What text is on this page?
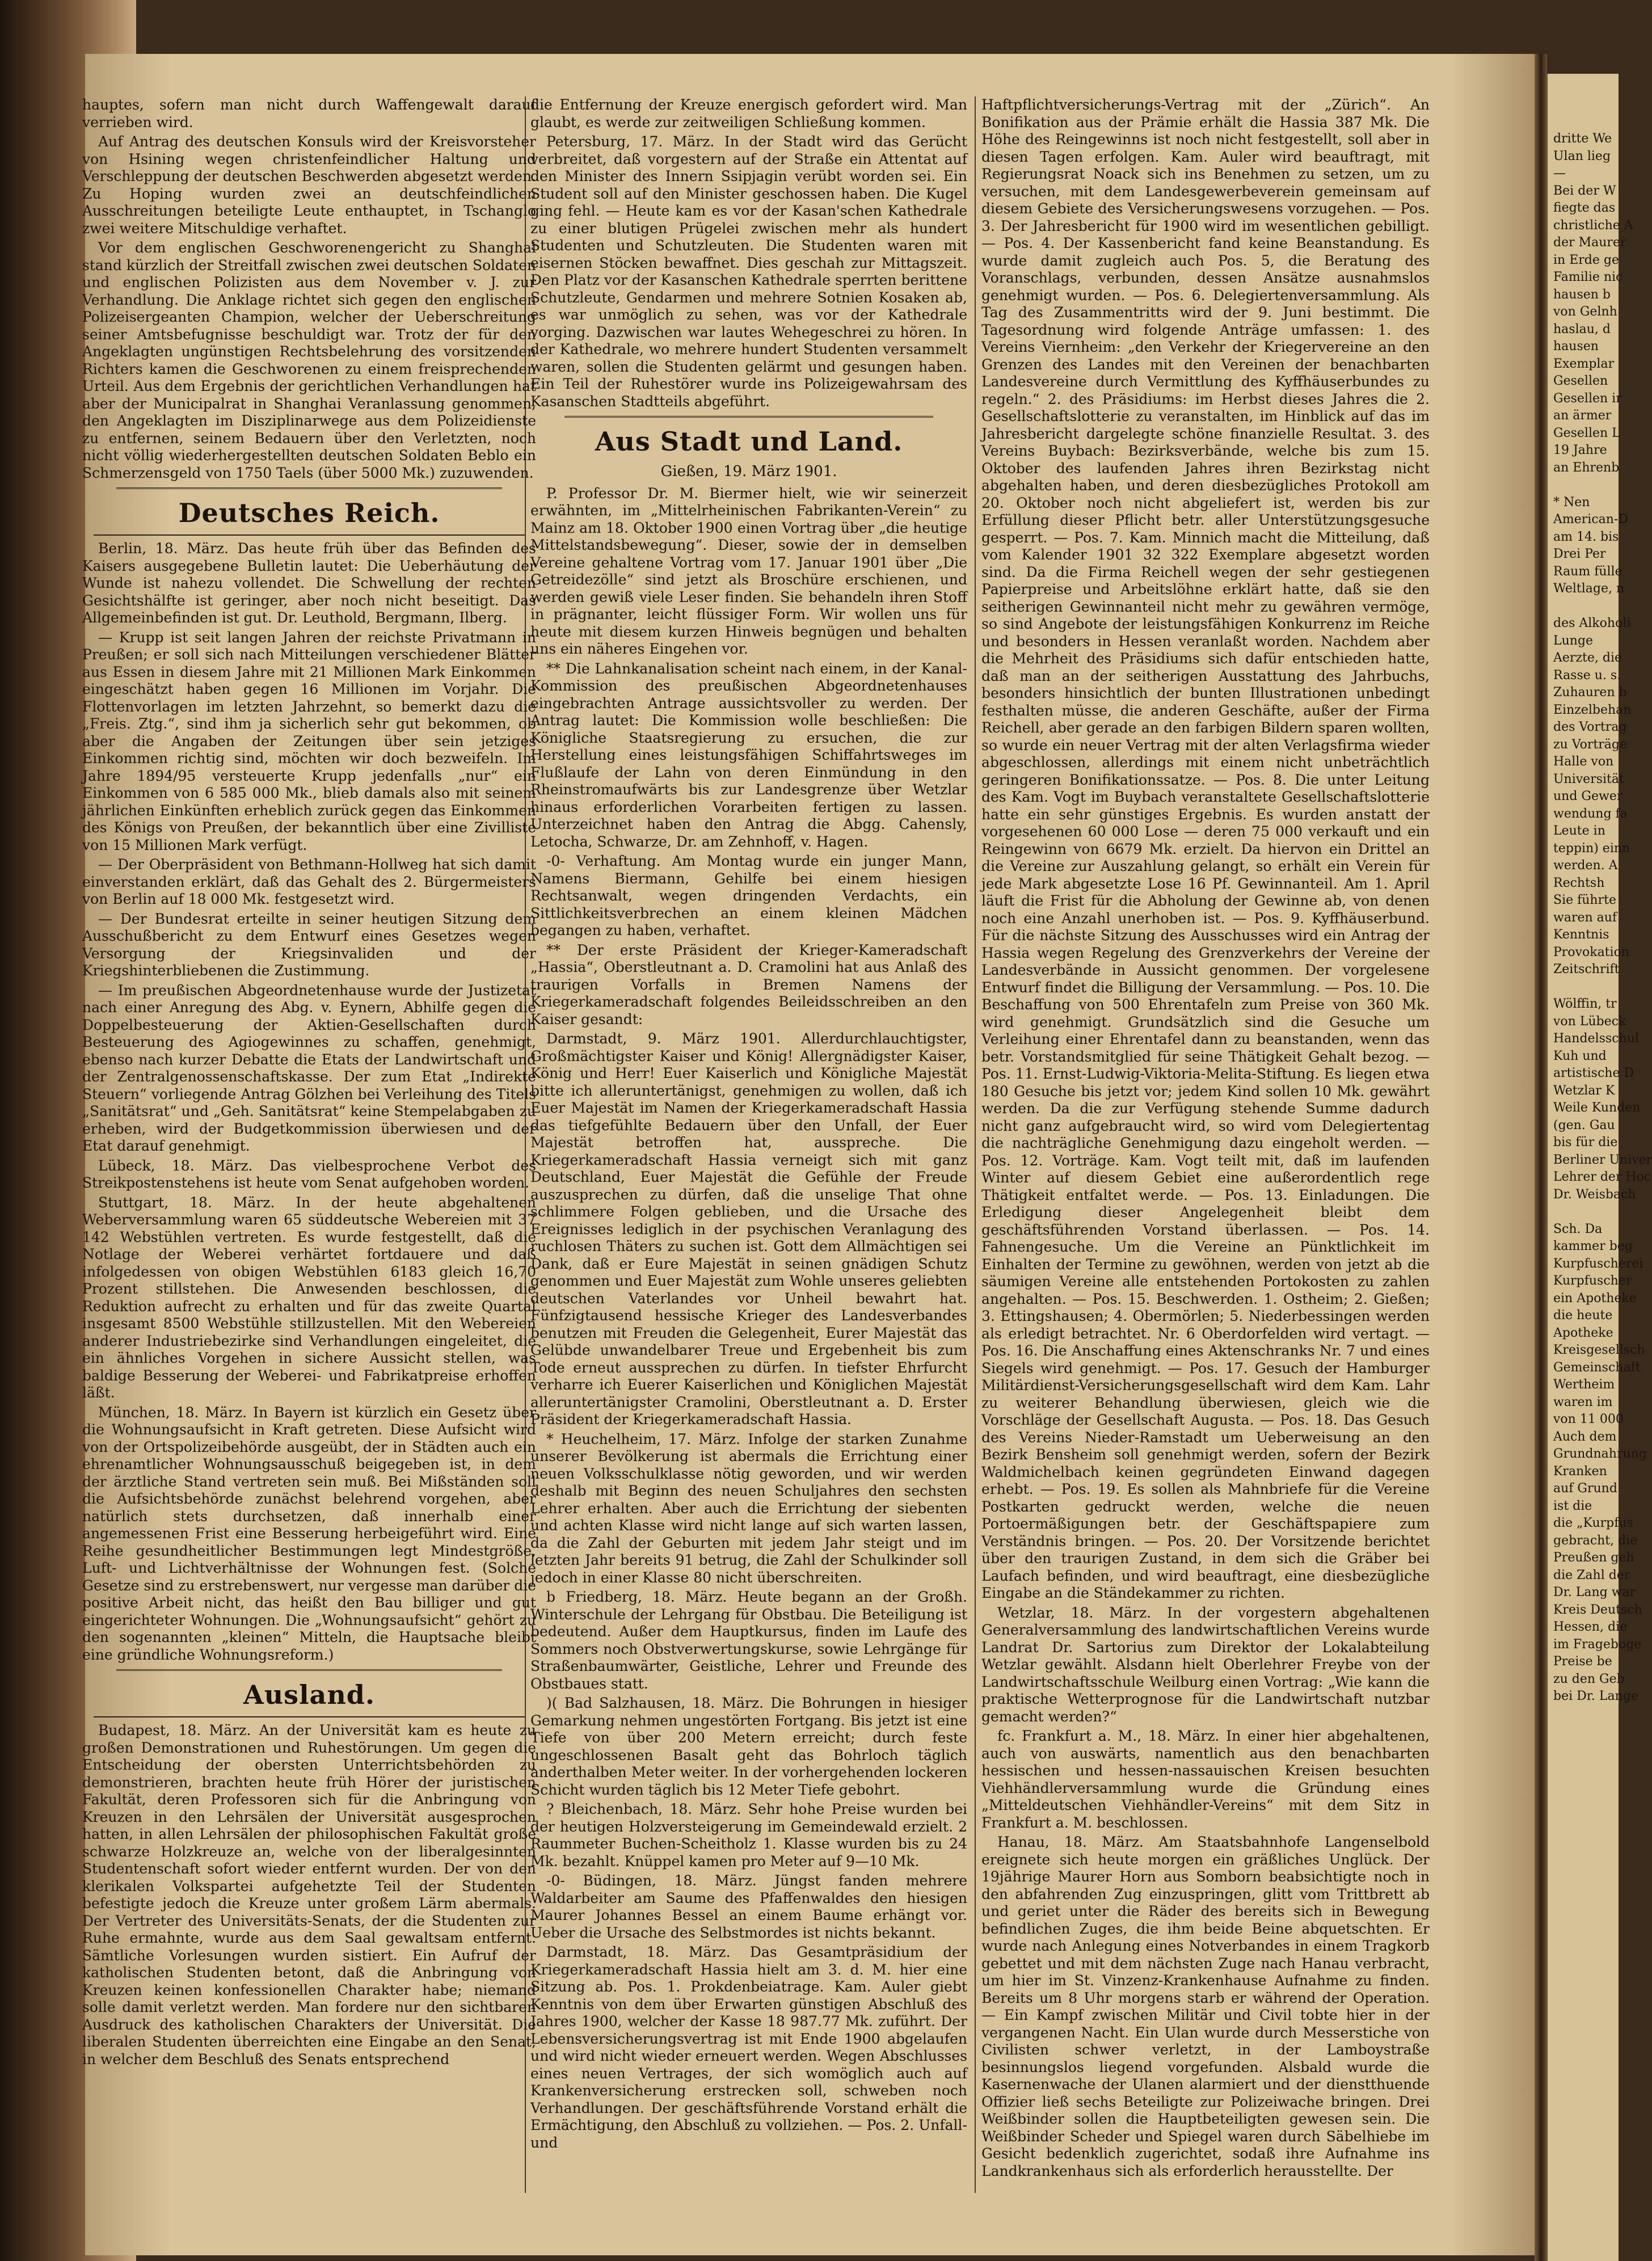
dritte We
Ulan lieg
—
Bei der W
fiegte das
christliche A
der Maurer
in Erde ge
Familie nic
hausen b
von Gelnh
haslau, d
hausen
Exemplar
Gesellen
Gesellen ir
an ärmer
Gesellen L
19 Jahre
an Ehrenb

* Nen
American-D
am 14. bis
Drei Per
Raum fülle
Weltlage, n

des Alkoholi
Lunge
Aerzte, die
Rasse u. s.
Zuhauren b
Einzelbehan
des Vortrag
zu Vorträge
Halle von
Universität
und Gewer
wendung fa
Leute in
teppin) einn
werden. A
Rechtsh
Sie führte
waren auf
Kenntnis
Provokation
Zeitschrift

Wölffin, tr
von Lübeck
Handelsschul
Kuh und
artistische D
Wetzlar K
Weile Kunden
(gen. Gau
bis für die
Berliner Univer
Lehrer der Hoc
Dr. Weisbach

Sch. Da
kammer beg
Kurpfuscherei
Kurpfuscher
ein Apotheke
die heute
Apotheke
Kreisgesellsch
Gemeinschaft
Wertheim
waren im
von 11 000
Auch dem
Grundnahrung
Kranken
auf Grund
ist die
die „Kurpfus
gebracht, die
Preußen geh
die Zahl der
Dr. Lang war
Kreis Deutsch
Hessen, die
im Frageboge
Preise be
zu den Geb
bei Dr. Lange

hauptes, sofern man nicht durch Waffengewalt darauf verrieben wird.

Auf Antrag des deutschen Konsuls wird der Kreisvorsteher von Hsining wegen christenfeindlicher Haltung und Verschleppung der deutschen Beschwerden abgesetzt werden. Zu Hoping wurden zwei an deutschfeindlichen Ausschreitungen beteiligte Leute enthauptet, in Tschanglo zwei weitere Mitschuldige verhaftet.

Vor dem englischen Geschworenengericht zu Shanghai stand kürzlich der Streitfall zwischen zwei deutschen Soldaten und englischen Polizisten aus dem November v. J. zur Verhandlung. Die Anklage richtet sich gegen den englischen Polizeisergeanten Champion, welcher der Ueberschreitung seiner Amtsbefugnisse beschuldigt war. Trotz der für den Angeklagten ungünstigen Rechtsbelehrung des vorsitzenden Richters kamen die Geschworenen zu einem freisprechenden Urteil. Aus dem Ergebnis der gerichtlichen Verhandlungen hat aber der Municipalrat in Shanghai Veranlassung genommen, den Angeklagten im Disziplinarwege aus dem Polizeidienste zu entfernen, seinem Bedauern über den Verletzten, noch nicht völlig wiederhergestellten deutschen Soldaten Beblo ein Schmerzensgeld von 1750 Taels (über 5000 Mk.) zuzuwenden.

Deutsches Reich.

Berlin, 18. März. Das heute früh über das Befinden des Kaisers ausgegebene Bulletin lautet: Die Ueberhäutung der Wunde ist nahezu vollendet. Die Schwellung der rechten Gesichtshälfte ist geringer, aber noch nicht beseitigt. Das Allgemeinbefinden ist gut. Dr. Leuthold, Bergmann, Ilberg.

— Krupp ist seit langen Jahren der reichste Privatmann in Preußen; er soll sich nach Mitteilungen verschiedener Blätter aus Essen in diesem Jahre mit 21 Millionen Mark Einkommen eingeschätzt haben gegen 16 Millionen im Vorjahr. Die Flottenvorlagen im letzten Jahrzehnt, so bemerkt dazu die „Freis. Ztg.“, sind ihm ja sicherlich sehr gut bekommen, ob aber die Angaben der Zeitungen über sein jetziges Einkommen richtig sind, möchten wir doch bezweifeln. Im Jahre 1894/95 versteuerte Krupp jedenfalls „nur“ ein Einkommen von 6 585 000 Mk., blieb damals also mit seinem jährlichen Einkünften erheblich zurück gegen das Einkommen des Königs von Preußen, der bekanntlich über eine Zivilliste von 15 Millionen Mark verfügt.

— Der Oberpräsident von Bethmann-Hollweg hat sich damit einverstanden erklärt, daß das Gehalt des 2. Bürgermeisters von Berlin auf 18 000 Mk. festgesetzt wird.

— Der Bundesrat erteilte in seiner heutigen Sitzung dem Ausschußbericht zu dem Entwurf eines Gesetzes wegen Versorgung der Kriegsinvaliden und der Kriegshinterbliebenen die Zustimmung.

— Im preußischen Abgeordnetenhause wurde der Justizetat nach einer Anregung des Abg. v. Eynern, Abhilfe gegen die Doppelbesteuerung der Aktien-Gesellschaften durch Besteuerung des Agiogewinnes zu schaffen, genehmigt, ebenso nach kurzer Debatte die Etats der Landwirtschaft und der Zentralgenossenschaftskasse. Der zum Etat „Indirekte Steuern“ vorliegende Antrag Gölzhen bei Verleihung des Titels „Sanitätsrat“ und „Geh. Sanitätsrat“ keine Stempelabgaben zu erheben, wird der Budgetkommission überwiesen und der Etat darauf genehmigt.

Lübeck, 18. März. Das vielbesprochene Verbot des Streikpostenstehens ist heute vom Senat aufgehoben worden.

Stuttgart, 18. März. In der heute abgehaltenen Weberversammlung waren 65 süddeutsche Webereien mit 37 142 Webstühlen vertreten. Es wurde festgestellt, daß die Notlage der Weberei verhärtet fortdauere und daß infolgedessen von obigen Webstühlen 6183 gleich 16,70 Prozent stillstehen. Die Anwesenden beschlossen, die Reduktion aufrecht zu erhalten und für das zweite Quartal insgesamt 8500 Webstühle stillzustellen. Mit den Webereien anderer Industriebezirke sind Verhandlungen eingeleitet, die ein ähnliches Vorgehen in sichere Aussicht stellen, was baldige Besserung der Weberei- und Fabrikatpreise erhoffen läßt.

München, 18. März. In Bayern ist kürzlich ein Gesetz über die Wohnungsaufsicht in Kraft getreten. Diese Aufsicht wird von der Ortspolizeibehörde ausgeübt, der in Städten auch ein ehrenamtlicher Wohnungsausschuß beigegeben ist, in dem der ärztliche Stand vertreten sein muß. Bei Mißständen soll die Aufsichtsbehörde zunächst belehrend vorgehen, aber natürlich stets durchsetzen, daß innerhalb einer angemessenen Frist eine Besserung herbeigeführt wird. Eine Reihe gesundheitlicher Bestimmungen legt Mindestgröße, Luft- und Lichtverhältnisse der Wohnungen fest. (Solche Gesetze sind zu erstrebenswert, nur vergesse man darüber die positive Arbeit nicht, das heißt den Bau billiger und gut eingerichteter Wohnungen. Die „Wohnungsaufsicht“ gehört zu den sogenannten „kleinen“ Mitteln, die Hauptsache bleibt eine gründliche Wohnungsreform.)

Ausland.

Budapest, 18. März. An der Universität kam es heute zu großen Demonstrationen und Ruhestörungen. Um gegen die Entscheidung der obersten Unterrichtsbehörden zu demonstrieren, brachten heute früh Hörer der juristischen Fakultät, deren Professoren sich für die Anbringung von Kreuzen in den Lehrsälen der Universität ausgesprochen hatten, in allen Lehrsälen der philosophischen Fakultät große schwarze Holzkreuze an, welche von der liberalgesinnten Studentenschaft sofort wieder entfernt wurden. Der von den klerikalen Volkspartei aufgehetzte Teil der Studenten befestigte jedoch die Kreuze unter großem Lärm abermals. Der Vertreter des Universitäts-Senats, der die Studenten zur Ruhe ermahnte, wurde aus dem Saal gewaltsam entfernt. Sämtliche Vorlesungen wurden sistiert. Ein Aufruf der katholischen Studenten betont, daß die Anbringung von Kreuzen keinen konfessionellen Charakter habe; niemand solle damit verletzt werden. Man fordere nur den sichtbaren Ausdruck des katholischen Charakters der Universität. Die liberalen Studenten überreichten eine Eingabe an den Senat, in welcher dem Beschluß des Senats entsprechend

die Entfernung der Kreuze energisch gefordert wird. Man glaubt, es werde zur zeitweiligen Schließung kommen.

Petersburg, 17. März. In der Stadt wird das Gerücht verbreitet, daß vorgestern auf der Straße ein Attentat auf den Minister des Innern Ssipjagin verübt worden sei. Ein Student soll auf den Minister geschossen haben. Die Kugel ging fehl. — Heute kam es vor der Kasan'schen Kathedrale zu einer blutigen Prügelei zwischen mehr als hundert Studenten und Schutzleuten. Die Studenten waren mit eisernen Stöcken bewaffnet. Dies geschah zur Mittagszeit. Den Platz vor der Kasanschen Kathedrale sperrten berittene Schutzleute, Gendarmen und mehrere Sotnien Kosaken ab, es war unmöglich zu sehen, was vor der Kathedrale vorging. Dazwischen war lautes Wehegeschrei zu hören. In der Kathedrale, wo mehrere hundert Studenten versammelt waren, sollen die Studenten gelärmt und gesungen haben. Ein Teil der Ruhestörer wurde ins Polizeigewahrsam des Kasanschen Stadtteils abgeführt.

Aus Stadt und Land.
Gießen, 19. März 1901.

P. Professor Dr. M. Biermer hielt, wie wir seinerzeit erwähnten, im „Mittelrheinischen Fabrikanten-Verein“ zu Mainz am 18. Oktober 1900 einen Vortrag über „die heutige Mittelstandsbewegung“. Dieser, sowie der in demselben Vereine gehaltene Vortrag vom 17. Januar 1901 über „Die Getreidezölle“ sind jetzt als Broschüre erschienen, und werden gewiß viele Leser finden. Sie behandeln ihren Stoff in prägnanter, leicht flüssiger Form. Wir wollen uns für heute mit diesem kurzen Hinweis begnügen und behalten uns ein näheres Eingehen vor.

** Die Lahnkanalisation scheint nach einem, in der Kanal-Kommission des preußischen Abgeordnetenhauses eingebrachten Antrage aussichtsvoller zu werden. Der Antrag lautet: Die Kommission wolle beschließen: Die Königliche Staatsregierung zu ersuchen, die zur Herstellung eines leistungsfähigen Schiffahrtsweges im Flußlaufe der Lahn von deren Einmündung in den Rheinstromaufwärts bis zur Landesgrenze über Wetzlar hinaus erforderlichen Vorarbeiten fertigen zu lassen. Unterzeichnet haben den Antrag die Abgg. Cahensly, Letocha, Schwarze, Dr. am Zehnhoff, v. Hagen.

-0- Verhaftung. Am Montag wurde ein junger Mann, Namens Biermann, Gehilfe bei einem hiesigen Rechtsanwalt, wegen dringenden Verdachts, ein Sittlichkeitsverbrechen an einem kleinen Mädchen begangen zu haben, verhaftet.

** Der erste Präsident der Krieger-Kameradschaft „Hassia“, Oberstleutnant a. D. Cramolini hat aus Anlaß des traurigen Vorfalls in Bremen Namens der Kriegerkameradschaft folgendes Beileidsschreiben an den Kaiser gesandt:

Darmstadt, 9. März 1901. Allerdurchlauchtigster, Großmächtigster Kaiser und König! Allergnädigster Kaiser, König und Herr! Euer Kaiserlich und Königliche Majestät bitte ich alleruntertänigst, genehmigen zu wollen, daß ich Euer Majestät im Namen der Kriegerkameradschaft Hassia das tiefgefühlte Bedauern über den Unfall, der Euer Majestät betroffen hat, ausspreche. Die Kriegerkameradschaft Hassia verneigt sich mit ganz Deutschland, Euer Majestät die Gefühle der Freude auszusprechen zu dürfen, daß die unselige That ohne schlimmere Folgen geblieben, und die Ursache des Ereignisses lediglich in der psychischen Veranlagung des ruchlosen Thäters zu suchen ist. Gott dem Allmächtigen sei Dank, daß er Eure Majestät in seinen gnädigen Schutz genommen und Euer Majestät zum Wohle unseres geliebten deutschen Vaterlandes vor Unheil bewahrt hat. Fünfzigtausend hessische Krieger des Landesverbandes benutzen mit Freuden die Gelegenheit, Eurer Majestät das Gelübde unwandelbarer Treue und Ergebenheit bis zum Tode erneut aussprechen zu dürfen. In tiefster Ehrfurcht verharre ich Euerer Kaiserlichen und Königlichen Majestät alleruntertänigster Cramolini, Oberstleutnant a. D. Erster Präsident der Kriegerkameradschaft Hassia.

* Heuchelheim, 17. März. Infolge der starken Zunahme unserer Bevölkerung ist abermals die Errichtung einer neuen Volksschulklasse nötig geworden, und wir werden deshalb mit Beginn des neuen Schuljahres den sechsten Lehrer erhalten. Aber auch die Errichtung der siebenten und achten Klasse wird nicht lange auf sich warten lassen, da die Zahl der Geburten mit jedem Jahr steigt und im letzten Jahr bereits 91 betrug, die Zahl der Schulkinder soll jedoch in einer Klasse 80 nicht überschreiten.

b Friedberg, 18. März. Heute begann an der Großh. Winterschule der Lehrgang für Obstbau. Die Beteiligung ist bedeutend. Außer dem Hauptkursus, finden im Laufe des Sommers noch Obstverwertungskurse, sowie Lehrgänge für Straßenbaumwärter, Geistliche, Lehrer und Freunde des Obstbaues statt.

)( Bad Salzhausen, 18. März. Die Bohrungen in hiesiger Gemarkung nehmen ungestörten Fortgang. Bis jetzt ist eine Tiefe von über 200 Metern erreicht; durch feste ungeschlossenen Basalt geht das Bohrloch täglich anderthalben Meter weiter. In der vorhergehenden lockeren Schicht wurden täglich bis 12 Meter Tiefe gebohrt.

? Bleichenbach, 18. März. Sehr hohe Preise wurden bei der heutigen Holzversteigerung im Gemeindewald erzielt. 2 Raummeter Buchen-Scheitholz 1. Klasse wurden bis zu 24 Mk. bezahlt. Knüppel kamen pro Meter auf 9—10 Mk.

-0- Büdingen, 18. März. Jüngst fanden mehrere Waldarbeiter am Saume des Pfaffenwaldes den hiesigen Maurer Johannes Bessel an einem Baume erhängt vor. Ueber die Ursache des Selbstmordes ist nichts bekannt.

Darmstadt, 18. März. Das Gesamtpräsidium der Kriegerkameradschaft Hassia hielt am 3. d. M. hier eine Sitzung ab. Pos. 1. Prokdenbeiatrage. Kam. Auler giebt Kenntnis von dem über Erwarten günstigen Abschluß des Jahres 1900, welcher der Kasse 18 987.77 Mk. zuführt. Der Lebensversicherungsvertrag ist mit Ende 1900 abgelaufen und wird nicht wieder erneuert werden. Wegen Abschlusses eines neuen Vertrages, der sich womöglich auch auf Krankenversicherung erstrecken soll, schweben noch Verhandlungen. Der geschäftsführende Vorstand erhält die Ermächtigung, den Abschluß zu vollziehen. — Pos. 2. Unfall- und

Haftpflichtversicherungs-Vertrag mit der „Zürich“. An Bonifikation aus der Prämie erhält die Hassia 387 Mk. Die Höhe des Reingewinns ist noch nicht festgestellt, soll aber in diesen Tagen erfolgen. Kam. Auler wird beauftragt, mit Regierungsrat Noack sich ins Benehmen zu setzen, um zu versuchen, mit dem Landesgewerbeverein gemeinsam auf diesem Gebiete des Versicherungswesens vorzugehen. — Pos. 3. Der Jahresbericht für 1900 wird im wesentlichen gebilligt. — Pos. 4. Der Kassenbericht fand keine Beanstandung. Es wurde damit zugleich auch Pos. 5, die Beratung des Voranschlags, verbunden, dessen Ansätze ausnahmslos genehmigt wurden. — Pos. 6. Delegiertenversammlung. Als Tag des Zusammentritts wird der 9. Juni bestimmt. Die Tagesordnung wird folgende Anträge umfassen: 1. des Vereins Viernheim: „den Verkehr der Kriegervereine an den Grenzen des Landes mit den Vereinen der benachbarten Landesvereine durch Vermittlung des Kyffhäuserbundes zu regeln.“ 2. des Präsidiums: im Herbst dieses Jahres die 2. Gesellschaftslotterie zu veranstalten, im Hinblick auf das im Jahresbericht dargelegte schöne finanzielle Resultat. 3. des Vereins Buybach: Bezirksverbände, welche bis zum 15. Oktober des laufenden Jahres ihren Bezirkstag nicht abgehalten haben, und deren diesbezügliches Protokoll am 20. Oktober noch nicht abgeliefert ist, werden bis zur Erfüllung dieser Pflicht betr. aller Unterstützungsgesuche gesperrt. — Pos. 7. Kam. Minnich macht die Mitteilung, daß vom Kalender 1901 32 322 Exemplare abgesetzt worden sind. Da die Firma Reichell wegen der sehr gestiegenen Papierpreise und Arbeitslöhne erklärt hatte, daß sie den seitherigen Gewinnanteil nicht mehr zu gewähren vermöge, so sind Angebote der leistungsfähigen Konkurrenz im Reiche und besonders in Hessen veranlaßt worden. Nachdem aber die Mehrheit des Präsidiums sich dafür entschieden hatte, daß man an der seitherigen Ausstattung des Jahrbuchs, besonders hinsichtlich der bunten Illustrationen unbedingt festhalten müsse, die anderen Geschäfte, außer der Firma Reichell, aber gerade an den farbigen Bildern sparen wollten, so wurde ein neuer Vertrag mit der alten Verlagsfirma wieder abgeschlossen, allerdings mit einem nicht unbeträchtlich geringeren Bonifikationssatze. — Pos. 8. Die unter Leitung des Kam. Vogt im Buybach veranstaltete Gesellschaftslotterie hatte ein sehr günstiges Ergebnis. Es wurden anstatt der vorgesehenen 60 000 Lose — deren 75 000 verkauft und ein Reingewinn von 6679 Mk. erzielt. Da hiervon ein Drittel an die Vereine zur Auszahlung gelangt, so erhält ein Verein für jede Mark abgesetzte Lose 16 Pf. Gewinnanteil. Am 1. April läuft die Frist für die Abholung der Gewinne ab, von denen noch eine Anzahl unerhoben ist. — Pos. 9. Kyffhäuserbund. Für die nächste Sitzung des Ausschusses wird ein Antrag der Hassia wegen Regelung des Grenzverkehrs der Vereine der Landesverbände in Aussicht genommen. Der vorgelesene Entwurf findet die Billigung der Versammlung. — Pos. 10. Die Beschaffung von 500 Ehrentafeln zum Preise von 360 Mk. wird genehmigt. Grundsätzlich sind die Gesuche um Verleihung einer Ehrentafel dann zu beanstanden, wenn das betr. Vorstandsmitglied für seine Thätigkeit Gehalt bezog. — Pos. 11. Ernst-Ludwig-Viktoria-Melita-Stiftung. Es liegen etwa 180 Gesuche bis jetzt vor; jedem Kind sollen 10 Mk. gewährt werden. Da die zur Verfügung stehende Summe dadurch nicht ganz aufgebraucht wird, so wird vom Delegiertentag die nachträgliche Genehmigung dazu eingeholt werden. — Pos. 12. Vorträge. Kam. Vogt teilt mit, daß im laufenden Winter auf diesem Gebiet eine außerordentlich rege Thätigkeit entfaltet werde. — Pos. 13. Einladungen. Die Erledigung dieser Angelegenheit bleibt dem geschäftsführenden Vorstand überlassen. — Pos. 14. Fahnengesuche. Um die Vereine an Pünktlichkeit im Einhalten der Termine zu gewöhnen, werden von jetzt ab die säumigen Vereine alle entstehenden Portokosten zu zahlen angehalten. — Pos. 15. Beschwerden. 1. Ostheim; 2. Gießen; 3. Ettingshausen; 4. Obermörlen; 5. Niederbessingen werden als erledigt betrachtet. Nr. 6 Oberdorfelden wird vertagt. — Pos. 16. Die Anschaffung eines Aktenschranks Nr. 7 und eines Siegels wird genehmigt. — Pos. 17. Gesuch der Hamburger Militärdienst-Versicherungsgesellschaft wird dem Kam. Lahr zu weiterer Behandlung überwiesen, gleich wie die Vorschläge der Gesellschaft Augusta. — Pos. 18. Das Gesuch des Vereins Nieder-Ramstadt um Ueberweisung an den Bezirk Bensheim soll genehmigt werden, sofern der Bezirk Waldmichelbach keinen gegründeten Einwand dagegen erhebt. — Pos. 19. Es sollen als Mahnbriefe für die Vereine Postkarten gedruckt werden, welche die neuen Portoermäßigungen betr. der Geschäftspapiere zum Verständnis bringen. — Pos. 20. Der Vorsitzende berichtet über den traurigen Zustand, in dem sich die Gräber bei Laufach befinden, und wird beauftragt, eine diesbezügliche Eingabe an die Ständekammer zu richten.

Wetzlar, 18. März. In der vorgestern abgehaltenen Generalversammlung des landwirtschaftlichen Vereins wurde Landrat Dr. Sartorius zum Direktor der Lokalabteilung Wetzlar gewählt. Alsdann hielt Oberlehrer Freybe von der Landwirtschaftsschule Weilburg einen Vortrag: „Wie kann die praktische Wetterprognose für die Landwirtschaft nutzbar gemacht werden?“

fc. Frankfurt a. M., 18. März. In einer hier abgehaltenen, auch von auswärts, namentlich aus den benachbarten hessischen und hessen-nassauischen Kreisen besuchten Viehhändlerversammlung wurde die Gründung eines „Mitteldeutschen Viehhändler-Vereins“ mit dem Sitz in Frankfurt a. M. beschlossen.

Hanau, 18. März. Am Staatsbahnhofe Langenselbold ereignete sich heute morgen ein gräßliches Unglück. Der 19jährige Maurer Horn aus Somborn beabsichtigte noch in den abfahrenden Zug einzuspringen, glitt vom Trittbrett ab und geriet unter die Räder des bereits sich in Bewegung befindlichen Zuges, die ihm beide Beine abquetschten. Er wurde nach Anlegung eines Notverbandes in einem Tragkorb gebettet und mit dem nächsten Zuge nach Hanau verbracht, um hier im St. Vinzenz-Krankenhause Aufnahme zu finden. Bereits um 8 Uhr morgens starb er während der Operation. — Ein Kampf zwischen Militär und Civil tobte hier in der vergangenen Nacht. Ein Ulan wurde durch Messerstiche von Civilisten schwer verletzt, in der Lamboystraße besinnungslos liegend vorgefunden. Alsbald wurde die Kasernenwache der Ulanen alarmiert und der dienstthuende Offizier ließ sechs Beteiligte zur Polizeiwache bringen. Drei Weißbinder sollen die Hauptbeteiligten gewesen sein. Die Weißbinder Scheder und Spiegel waren durch Säbelhiebe im Gesicht bedenklich zugerichtet, sodaß ihre Aufnahme ins Landkrankenhaus sich als erforderlich herausstellte. Der
